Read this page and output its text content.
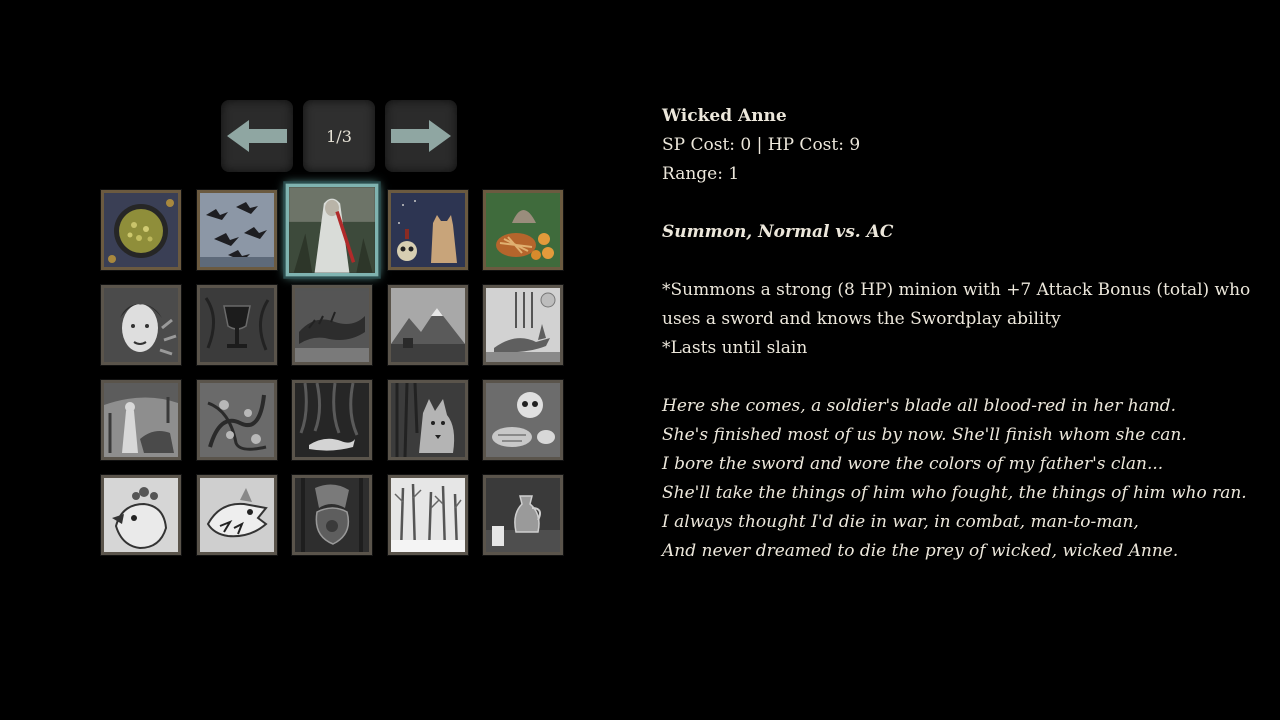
1/3

Wicked Anne

SP Cost: 0 | HP Cost: 9

Range: 1

Summon, Normal vs. AC

*Summons a strong (8 HP) minion with +7 Attack Bonus (total) who uses a sword and knows the Swordplay ability

*Lasts until slain

Here she comes, a soldier's blade all blood-red in her hand.

She's finished most of us by now. She'll finish whom she can.

I bore the sword and wore the colors of my father's clan...

She'll take the things of him who fought, the things of him who ran.

I always thought I'd die in war, in combat, man-to-man,

And never dreamed to die the prey of wicked, wicked Anne.
